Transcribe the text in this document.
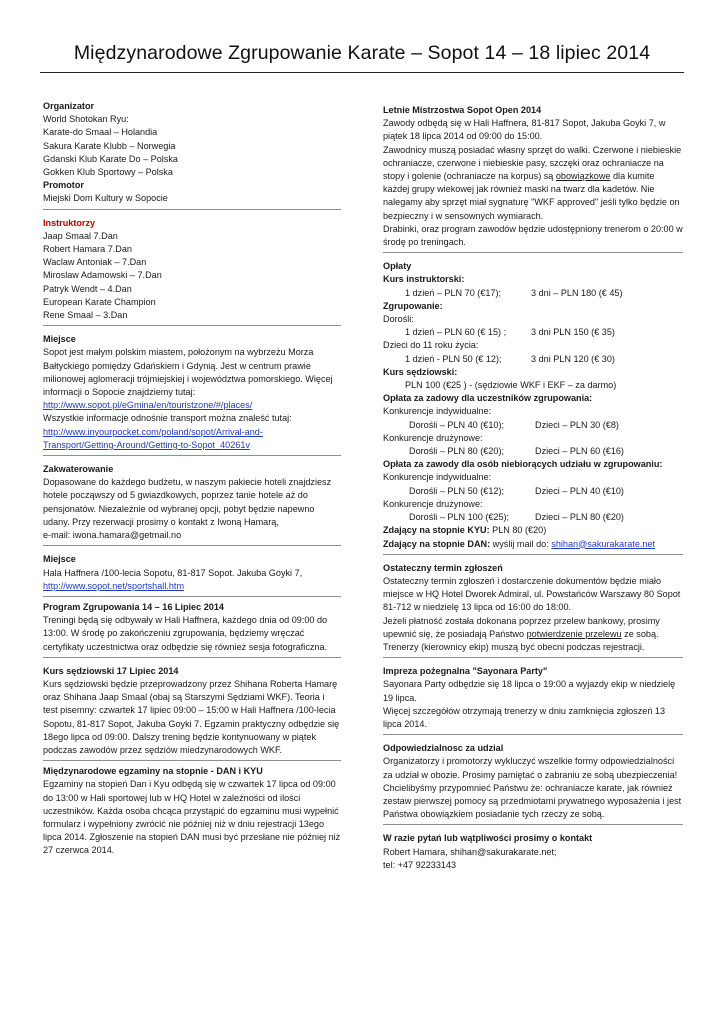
Międzynarodowe Zgrupowanie Karate – Sopot 14 – 18 lipiec 2014
Organizator
World Shotokan Ryu:
Karate-do Smaal – Holandia
Sakura Karate Klubb – Norwegia
Gdanski Klub Karate Do – Polska
Gokken Klub Sportowy – Polska
Promotor
Miejski Dom Kultury w Sopocie
Instruktorzy
Jaap Smaal 7.Dan
Robert Hamara 7.Dan
Waclaw Antoniak – 7.Dan
Miroslaw Adamowski – 7.Dan
Patryk Wendt – 4.Dan
European Karate Champion
Rene Smaal – 3.Dan
Miejsce
Sopot jest małym polskim miastem, położonym na wybrzeżu Morza Bałtyckiego pomiędzy Gdańskiem i Gdynią. Jest w centrum prawie milionowej aglomeracji trójmiejskiej i województwa pomorskiego. Więcej informacji o Sopocie znajdziemy tutaj:
http://www.sopot.pl/eGmina/en/touristzone/#/places/
Wszystkie informacje odnośnie transport można znaleść tutaj:
http://www.inyourpocket.com/poland/sopot/Arrival-and-
Transport/Getting-Around/Getting-to-Sopot_40261v
Zakwaterowanie
Dopasowane do każdego budżetu, w naszym pakiecie hoteli znajdziesz hotele począwszy od 5 gwiazdkowych, poprzez tanie hotele aż do pensjonatów. Niezależnie od wybranej opcji, pobyt będzie napewno udany. Przy rezerwacji prosimy o kontakt z Iwoną Hamarą,
e-mail: iwona.hamara@getmail.no
Miejsce
Hala Haffnera /100-lecia Sopotu, 81-817 Sopot. Jakuba Goyki 7,
http://www.sopot.net/sportshall.htm
Program Zgrupowania 14 – 16 Lipiec 2014
Treningi będą się odbywały w Hali Haffnera, każdego dnia od 09:00 do 13:00. W środę po zakończeniu zgrupowania, będziemy wręczać certyfikaty uczestnictwa oraz odbędzie się również sesja fotograficzna.
Kurs sędziowski 17 Lipiec 2014
Kurs sędziowski będzie przeprowadzony przez Shihana Roberta Hamarę oraz Shihana Jaap Smaal (obaj są Starszymi Sędziami WKF). Teoria i test pisemny: czwartek 17 lipiec 09:00 – 15:00 w Hali Haffnera /100-lecia Sopotu, 81-817 Sopot, Jakuba Goyki 7. Egzamin praktyczny odbędzie się 18ego lipca od 09:00. Dalszy trening będzie kontynuowany w piątek podczas zawodów przez sędziów miedzynarodowych WKF.
Międzynarodowe egzaminy na stopnie - DAN i KYU
Egzaminy na stopień Dan i Kyu odbędą się w czwartek 17 lipca od 09:00 do 13:00 w Hali sportowej lub w HQ Hotel w zależności od ilości uczestników. Każda osoba chcąca przystąpić do egzaminu musi wypełnić formularz i wypełniony zwrócić nie później niż w dniu rejestracji 13ego lipca 2014. Zgłoszenie na stopień DAN musi być przesłane nie później niż 27 czerwca 2014.
Letnie Mistrzostwa Sopot Open 2014
Zawody odbędą się w Hali Haffnera, 81-817 Sopot, Jakuba Goyki 7, w piątek 18 lipca 2014 od 09:00 do 15:00.
Zawodnicy muszą posiadać własny sprzęt do walki. Czerwone i niebieskie ochraniacze, czerwone i niebieskie pasy, szczęki oraz ochraniacze na stopy i golenie (ochraniacze na korpus) są obowiązkowe dla kumite każdej grupy wiekowej jak również maski na twarz dla kadetów. Nie nalegamy aby sprzęt miał sygnaturę "WKF approved" jeśli tylko będzie on bezpieczny i w sensownych wymiarach.
Drabinki, oraz program zawodów będzie udostępniony trenerom o 20:00 w środę po treningach.
Opłaty
Kurs instruktorski:
1 dzień – PLN 70 (€17);	3 dni – PLN 180 (€ 45)
Zgrupowanie:
Dorośli:
1 dzień – PLN 60 (€ 15) ;	3 dni PLN 150 (€ 35)
Dzieci do 11 roku życia:
1 dzień - PLN 50 (€ 12);	3 dni PLN 120 (€ 30)
Kurs sędziowski:
PLN 100 (€25 ) - (sędziowie WKF i EKF – za darmo)
Opłata za zadowy dla uczestników zgrupowania:
Konkurencje indywidualne:
Dorośli – PLN 40 (€10);	Dzieci – PLN 30 (€8)
Konkurencje drużynowe:
Dorośli – PLN 80 (€20);	Dzieci – PLN 60 (€16)
Opłata za zawody dla osób niebiorących udziału w zgrupowaniu:
Konkurencje indywidualne:
Dorośli – PLN 50 (€12);	Dzieci – PLN 40 (€10)
Konkurencje drużynowe:
Dorośli – PLN 100 (€25);	Dzieci – PLN 80 (€20)
Zdający na stopnie KYU: PLN 80 (€20)
Zdający na stopnie DAN: wyślij mail do: shihan@sakurakarate.net
Ostateczny termin zgłoszeń
Ostateczny termin zgłoszeń i dostarczenie dokumentów będzie miało miejsce w HQ Hotel Dworek Admiral, ul. Powstańców Warszawy 80 Sopot 81-712 w niedzielę 13 lipca od 16:00 do 18:00.
Jeżeli płatność została dokonana poprzez przelew bankowy, prosimy upewnić się, że posiadają Państwo potwierdzenie przelewu ze sobą.
Trenerzy (kierownicy ekip) muszą być obecni podczas rejestracji.
Impreza pożegnalna "Sayonara Party"
Sayonara Party odbędzie się 18 lipca o 19:00 a wyjazdy ekip w niedzielę 19 lipca.
Więcej szczegółów otrzymają trenerzy w dniu zamknięcia zgłoszeń 13 lipca 2014.
Odpowiedzialnosc za udzial
Organizatorzy i promotorzy wykluczyć wszelkie formy odpowiedzialności za udział w obozie. Prosimy pamiętać o zabraniu ze sobą ubezpieczenia! Chcielibyśmy przypomnieć Państwu że: ochraniacze karate, jak również zestaw pierwszej pomocy są przedmiotami prywatnego wyposażenia i jest Państwa obowiązkiem posiadanie tych rzeczy ze sobą.
W razie pytań lub wątpliwości prosimy o kontakt
Robert Hamara, shihan@sakurakarate.net;
tel: +47 92233143
